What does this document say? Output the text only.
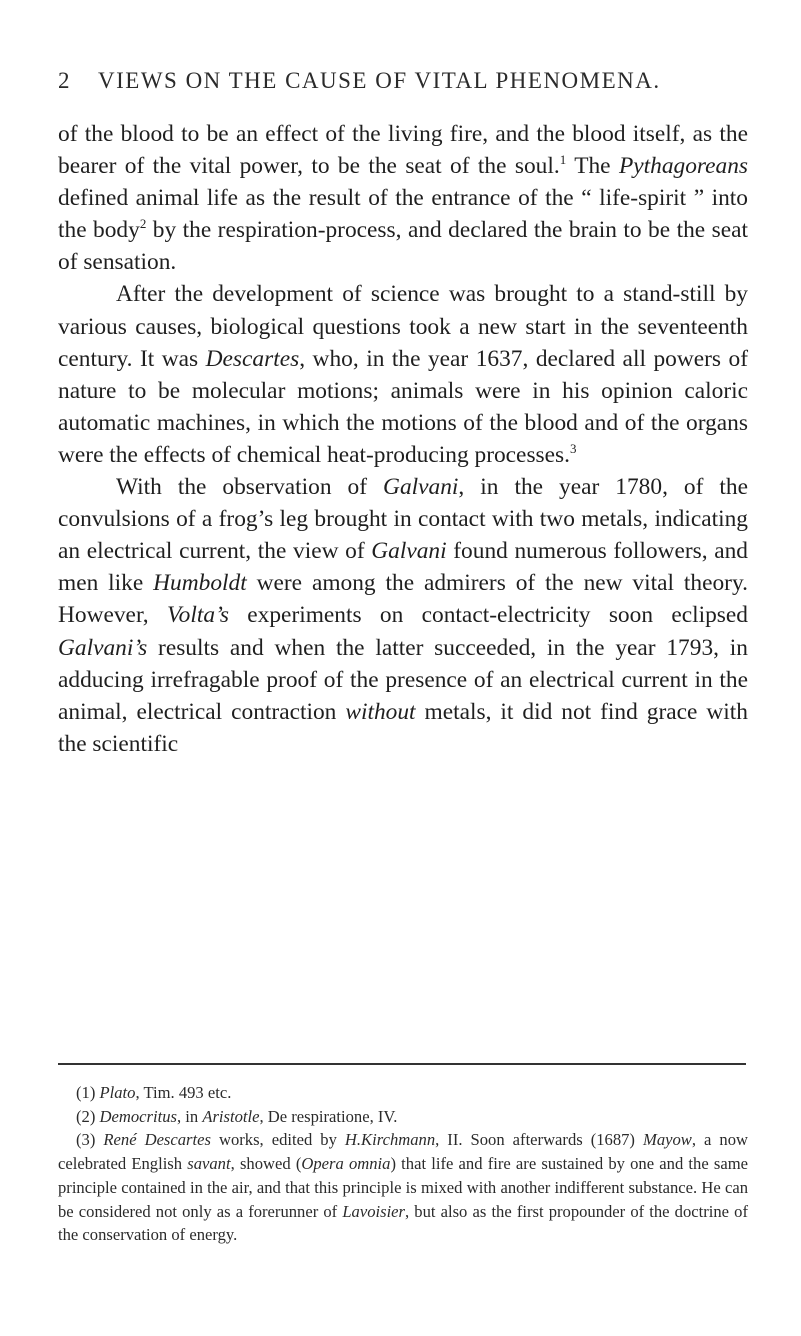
2 VIEWS ON THE CAUSE OF VITAL PHENOMENA.

of the blood to be an effect of the living fire, and the blood itself, as the bearer of the vital power, to be the seat of the soul.$^1$ The Pythagoreans defined animal life as the result of the entrance of the “ life-spirit ” into the body$^2$ by the respiration-process, and declared the brain to be the seat of sensation.

After the development of science was brought to a stand-still by various causes, biological questions took a new start in the seventeenth century. It was Descartes, who, in the year 1637, declared all powers of nature to be molecular motions; animals were in his opinion caloric automatic machines, in which the motions of the blood and of the organs were the effects of chemical heat-producing processes.$^3$

With the observation of Galvani, in the year 1780, of the convulsions of a frog’s leg brought in contact with two metals, indicating an electrical current, the view of Galvani found numerous followers, and men like Humboldt were among the admirers of the new vital theory. However, Volta’s experiments on contact-electricity soon eclipsed Galvani’s results and when the latter succeeded, in the year 1793, in adducing irrefragable proof of the presence of an electrical current in the animal, electrical contraction without metals, it did not find grace with the scientific

(1) Plato, Tim. 493 etc.

(2) Democritus, in Aristotle, De respiratione, IV.

(3) René Descartes works, edited by H.Kirchmann, II. Soon afterwards (1687) Mayow, a now celebrated English savant, showed (Opera omnia) that life and fire are sustained by one and the same principle contained in the air, and that this principle is mixed with another indifferent substance. He can be considered not only as a forerunner of Lavoisier, but also as the first propounder of the doctrine of the conservation of energy.
